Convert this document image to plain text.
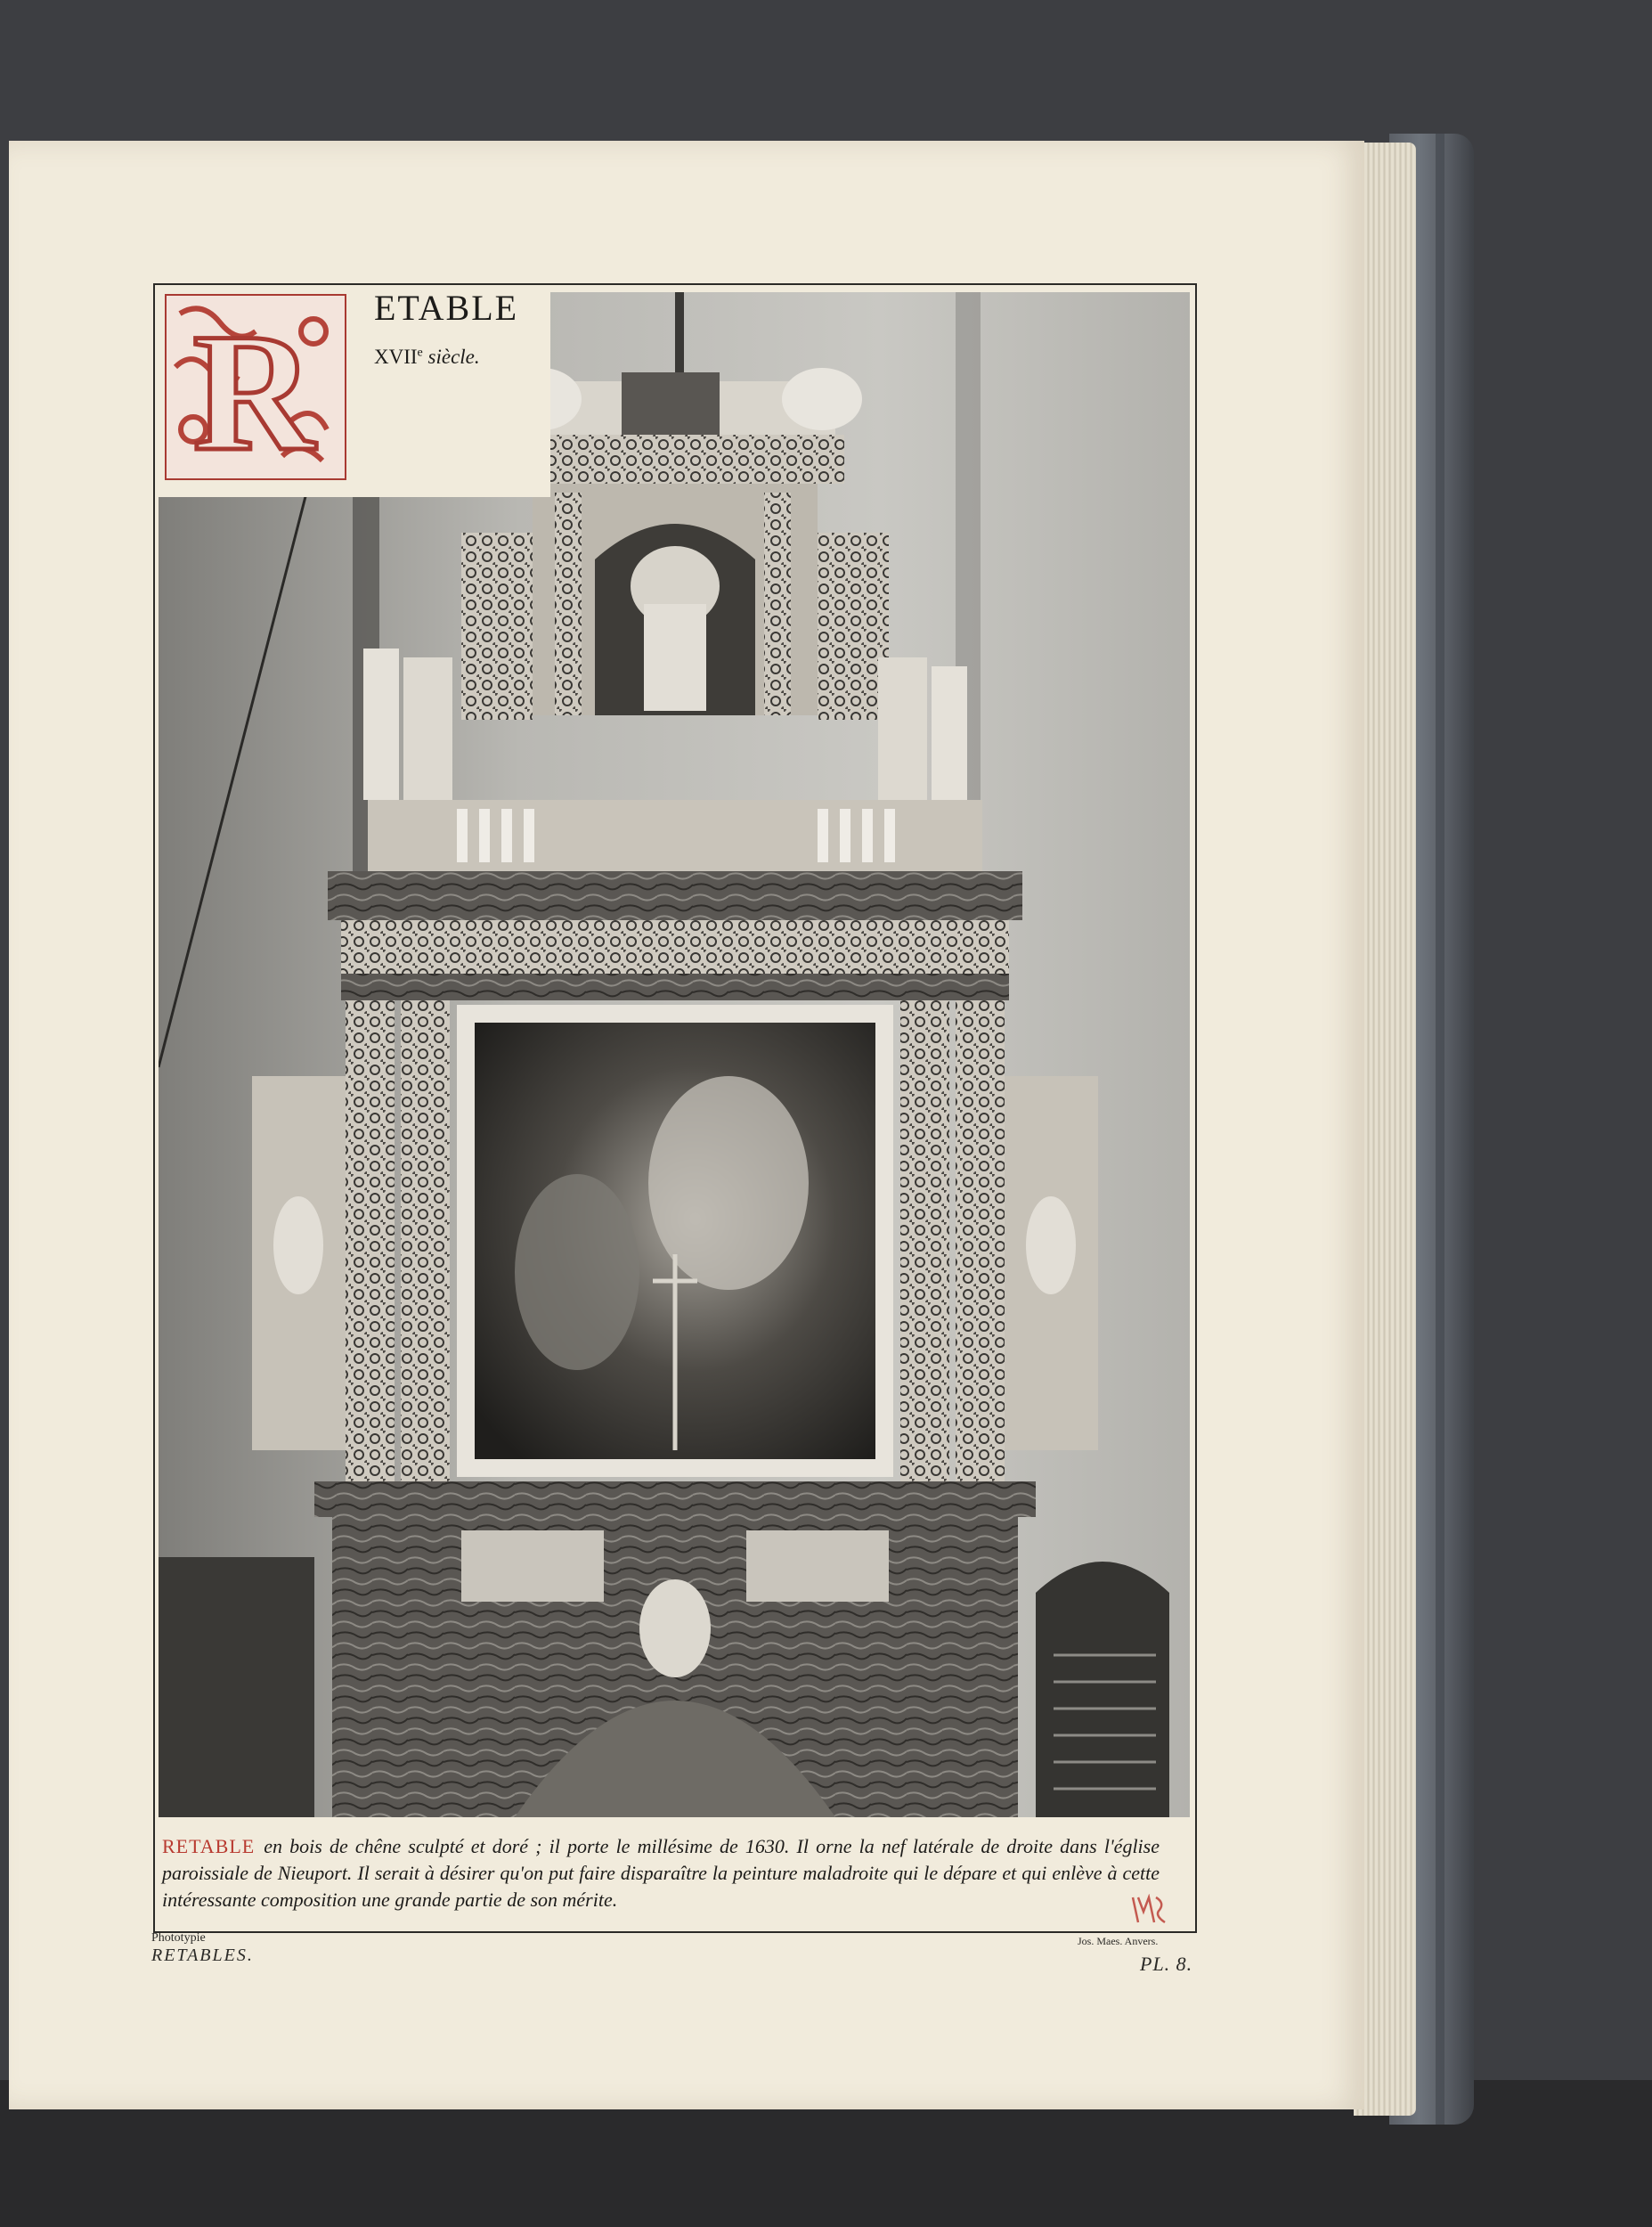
R ETABLE
XVIIe siècle.
RETABLE en bois de chêne sculpté et doré ; il porte le millésime de 1630. Il orne la nef latérale de droite dans l'église paroissiale de Nieuport. Il serait à désirer qu'on put faire disparaître la peinture maladroite qui le dépare et qui enlève à cette intéressante composition une grande partie de son mérite.
Phototypie
RETABLES.
Jos. Maes. Anvers.
PL. 8.
